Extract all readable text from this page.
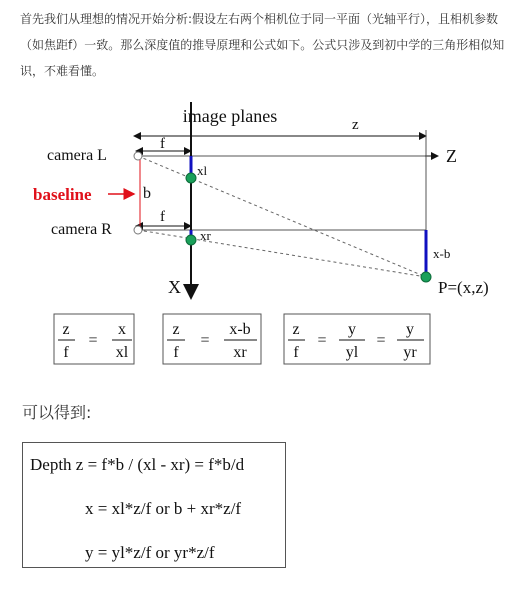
首先我们从理想的情况开始分析:假设左右两个相机位于同一平面（光轴平行），且相机参数（如焦距f）一致。那么深度值的推导原理和公式如下。公式只涉及到初中学的三角形相似知识，不难看懂。
image planes	z
f
f
Z
X
baseline	b
camera L
camera R
xl
xr
x-b
P=(x,z)
z
f
=
x
xl
z
f
=
x-b
xr
z
f
=
y
yl
=
y
yr
可以得到:
Depth z = f*b / (xl - xr) = f*b/d
x = xl*z/f or b + xr*z/f
y = yl*z/f or yr*z/f
